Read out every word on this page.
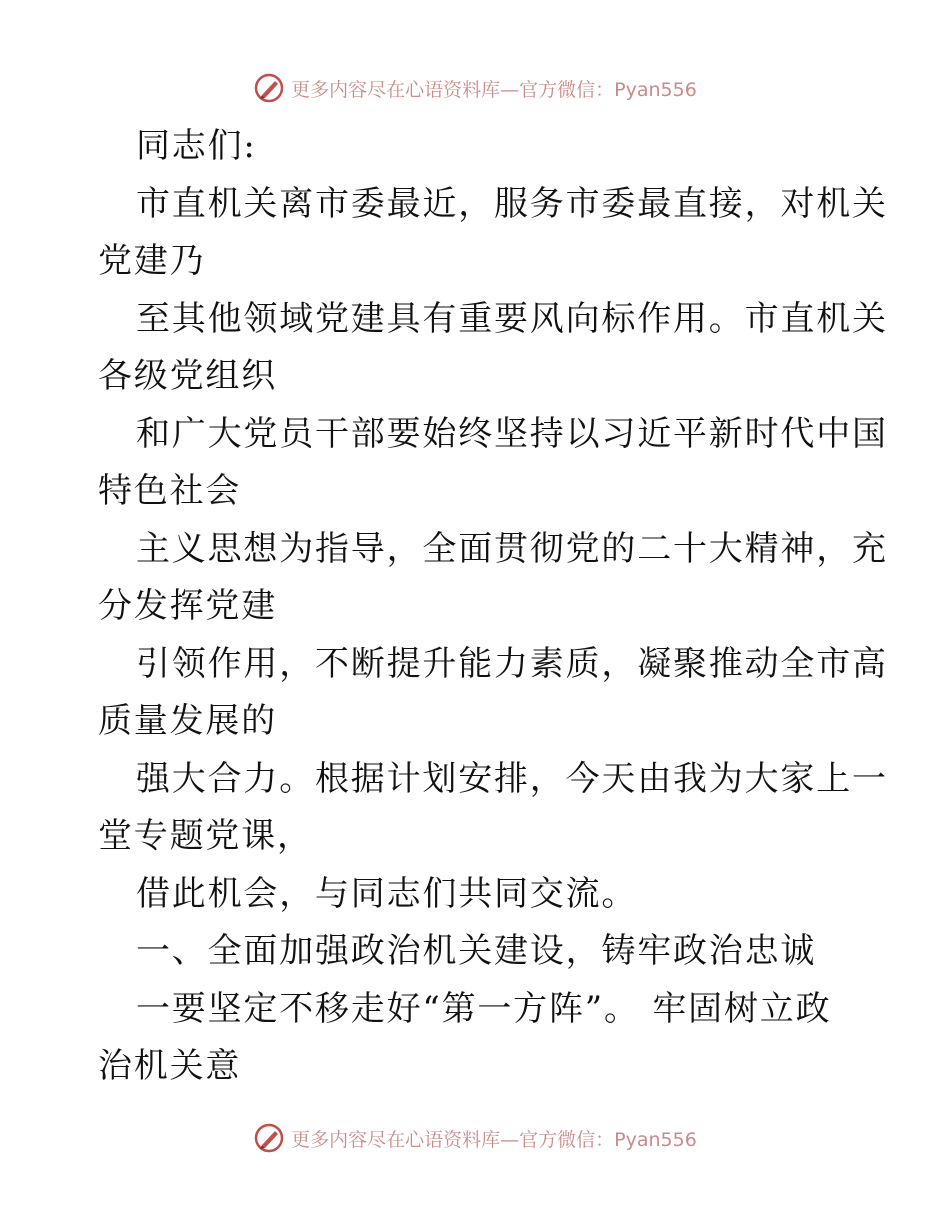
更多内容尽在心语资料库— 官方微信：Pyan556
同志们:
市直机关离市委最近，服务市委最直接，对机关
党建乃
至其他领域党建具有重要风向标作用。市直机关
各级党组织
和广大党员干部要始终坚持以习近平新时代中国
特色社会
主义思想为指导，全面贯彻党的二十大精神，充
分发挥党建
引领作用，不断提升能力素质，凝聚推动全市高
质量发展的
强大合力。根据计划安排，今天由我为大家上一
堂专题党课，
借此机会，与同志们共同交流。
一、全面加强政治机关建设，铸牢政治忠诚
一要坚定不移走好“第一方阵”。 牢固树立政
治机关意
更多内容尽在心语资料库— 官方微信：Pyan556
